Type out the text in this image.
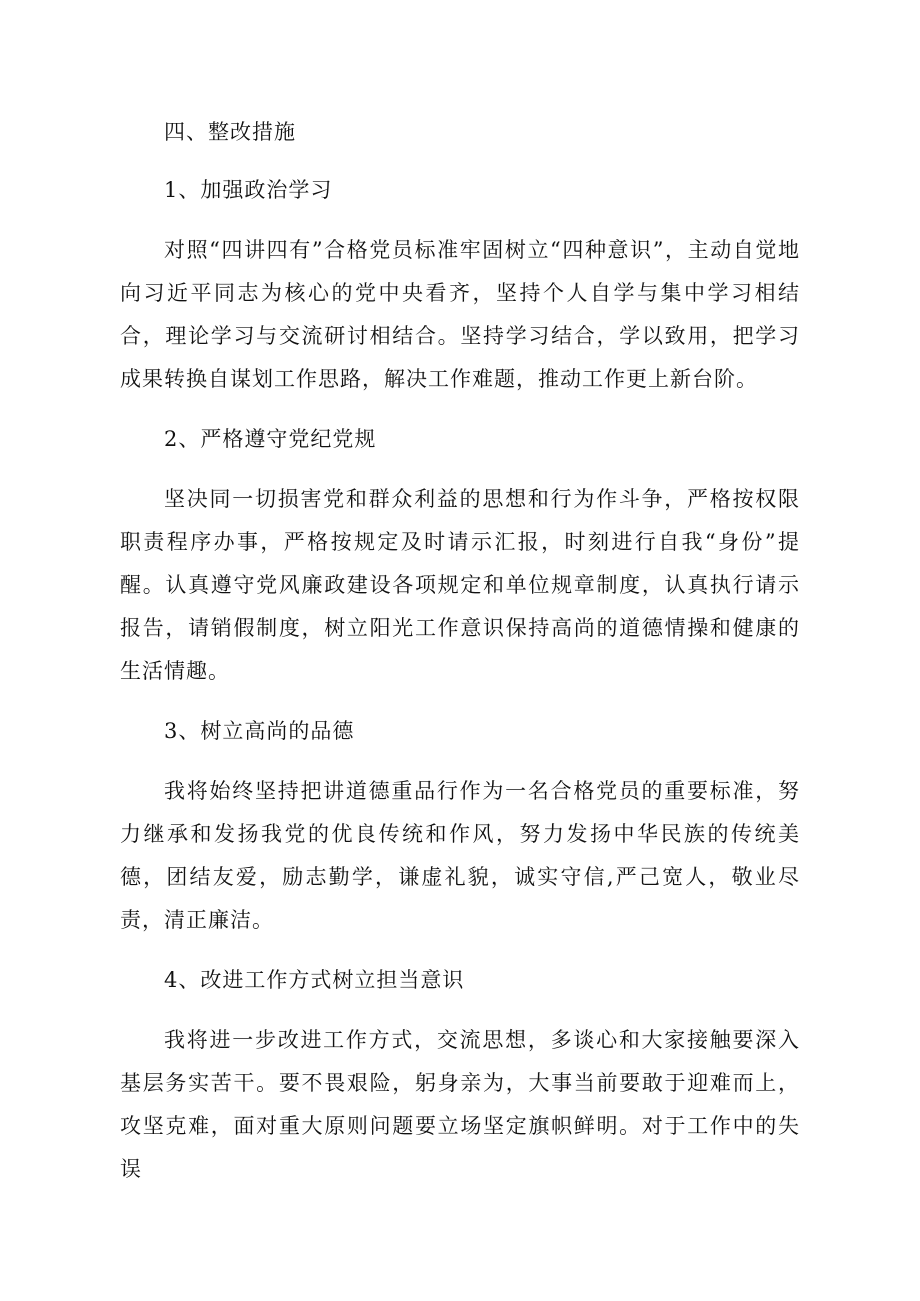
四、整改措施

1、加强政治学习

对照“四讲四有”合格党员标准牢固树立“四种意识”，主动自觉地向习近平同志为核心的党中央看齐，坚持个人自学与集中学习相结合，理论学习与交流研讨相结合。坚持学习结合，学以致用，把学习成果转换自谋划工作思路，解决工作难题，推动工作更上新台阶。

2、严格遵守党纪党规

坚决同一切损害党和群众利益的思想和行为作斗争，严格按权限职责程序办事，严格按规定及时请示汇报，时刻进行自我“身份”提醒。认真遵守党风廉政建设各项规定和单位规章制度，认真执行请示报告，请销假制度，树立阳光工作意识保持高尚的道德情操和健康的生活情趣。

3、树立高尚的品德

我将始终坚持把讲道德重品行作为一名合格党员的重要标准，努力继承和发扬我党的优良传统和作风，努力发扬中华民族的传统美德，团结友爱，励志勤学，谦虚礼貌，诚实守信,严己宽人，敬业尽责，清正廉洁。

4、改进工作方式树立担当意识

我将进一步改进工作方式，交流思想，多谈心和大家接触要深入基层务实苦干。要不畏艰险，躬身亲为，大事当前要敢于迎难而上，攻坚克难，面对重大原则问题要立场坚定旗帜鲜明。对于工作中的失误
